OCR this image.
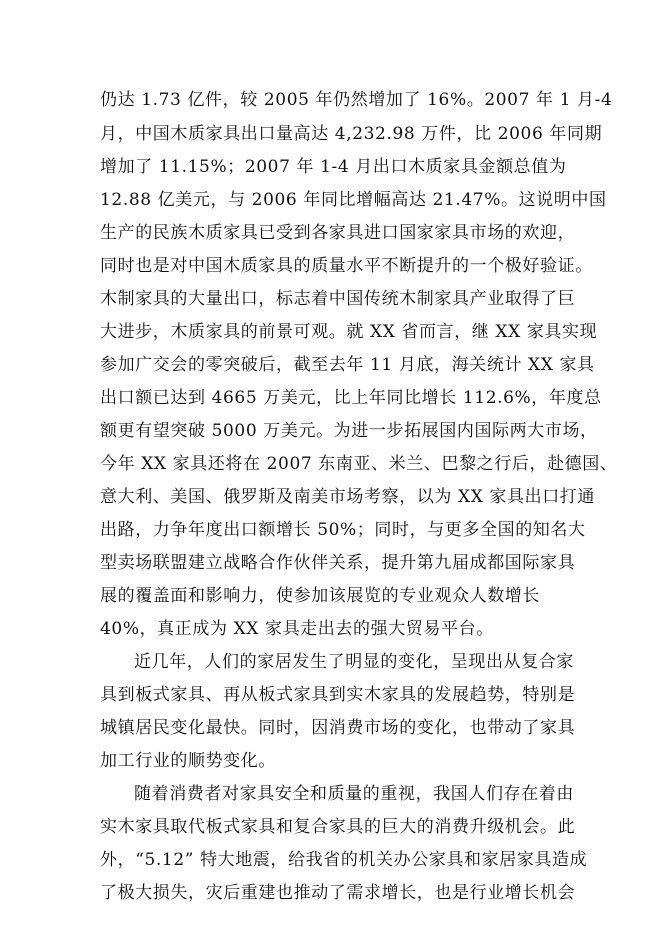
仍达 1.73 亿件，较 2005 年仍然增加了 16%。2007 年 1 月-4

月，中国木质家具出口量高达 4,232.98 万件，比 2006 年同期

增加了 11.15%；2007 年 1-4 月出口木质家具金额总值为

12.88 亿美元，与 2006 年同比增幅高达 21.47%。这说明中国

生产的民族木质家具已受到各家具进口国家家具市场的欢迎，

同时也是对中国木质家具的质量水平不断提升的一个极好验证。

木制家具的大量出口，标志着中国传统木制家具产业取得了巨

大进步，木质家具的前景可观。就 XX 省而言，继 XX 家具实现

参加广交会的零突破后，截至去年 11 月底，海关统计 XX 家具

出口额已达到 4665 万美元，比上年同比增长 112.6%，年度总

额更有望突破 5000 万美元。为进一步拓展国内国际两大市场，

今年 XX 家具还将在 2007 东南亚、米兰、巴黎之行后，赴德国、

意大利、美国、俄罗斯及南美市场考察，以为 XX 家具出口打通

出路，力争年度出口额增长 50%；同时，与更多全国的知名大

型卖场联盟建立战略合作伙伴关系，提升第九届成都国际家具

展的覆盖面和影响力，使参加该展览的专业观众人数增长

40%，真正成为 XX 家具走出去的强大贸易平台。

近几年，人们的家居发生了明显的变化，呈现出从复合家

具到板式家具、再从板式家具到实木家具的发展趋势，特别是

城镇居民变化最快。同时，因消费市场的变化，也带动了家具

加工行业的顺势变化。

随着消费者对家具安全和质量的重视，我国人们存在着由

实木家具取代板式家具和复合家具的巨大的消费升级机会。此

外，“5.12” 特大地震，给我省的机关办公家具和家居家具造成

了极大损失，灾后重建也推动了需求增长，也是行业增长机会
